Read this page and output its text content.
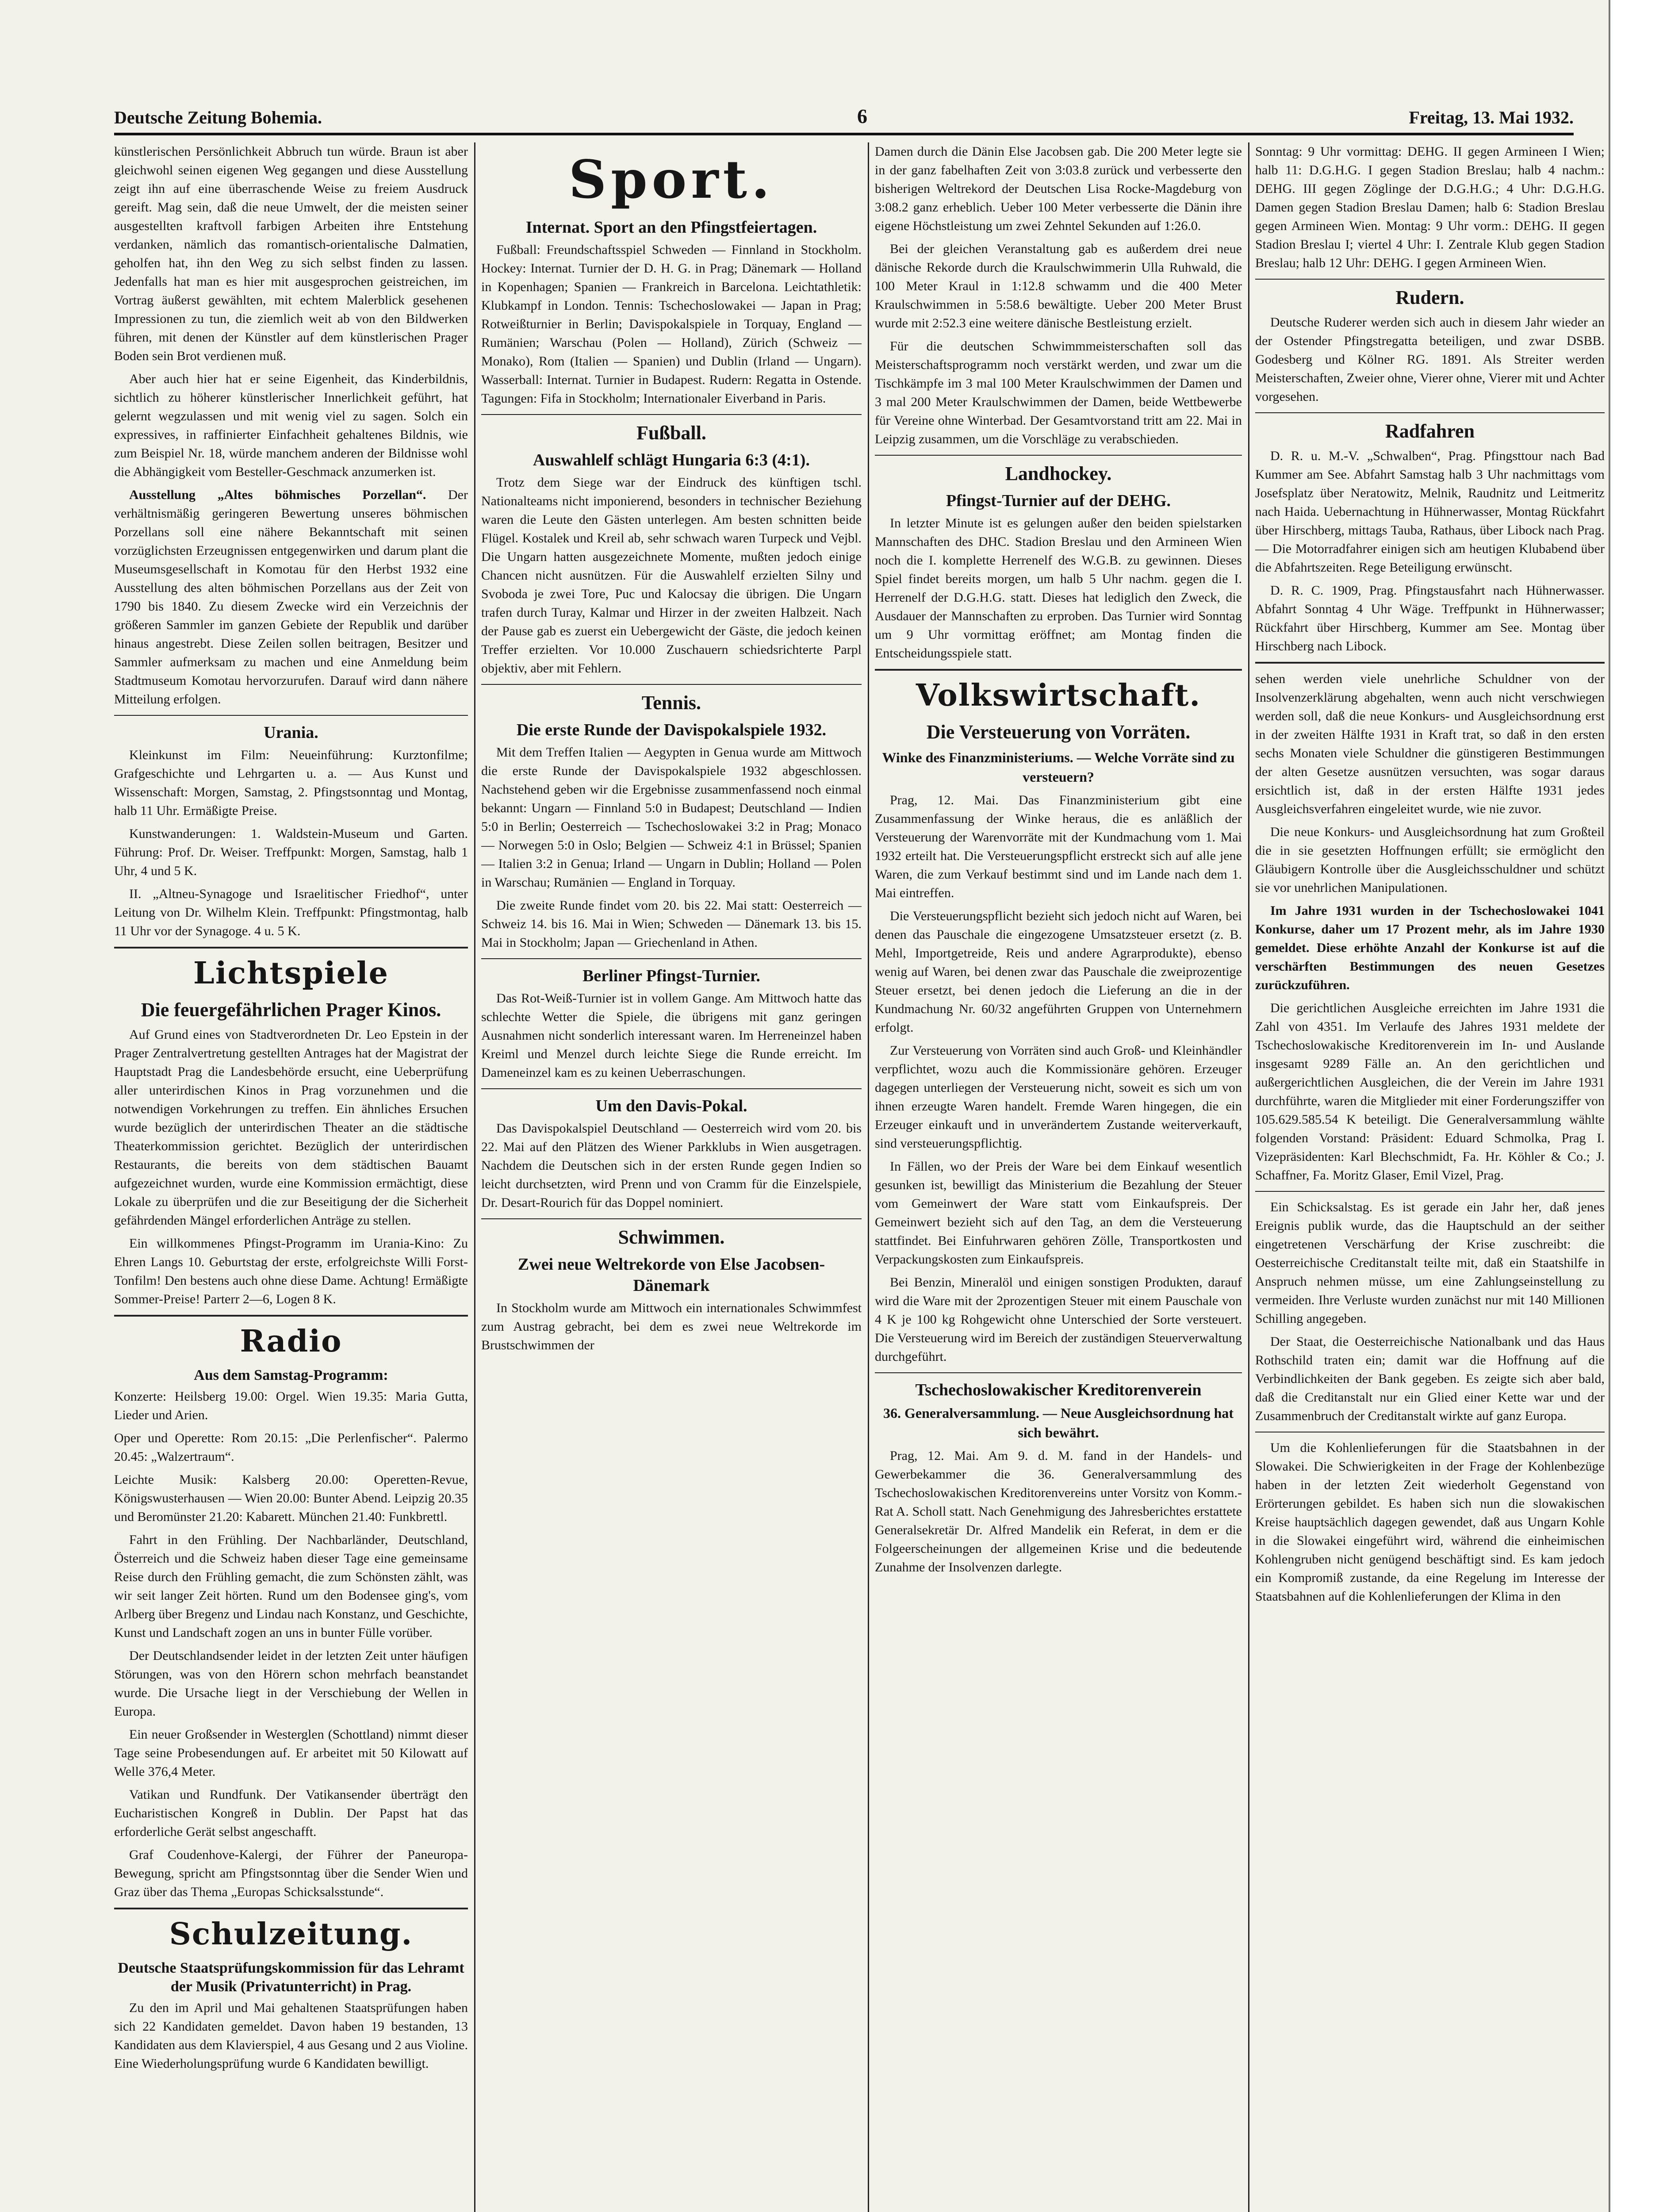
Deutsche Zeitung Bohemia.	6	Freitag, 13. Mai 1932.

künstlerischen Persönlichkeit Abbruch tun würde. Braun ist aber gleichwohl seinen eigenen Weg gegangen und diese Ausstellung zeigt ihn auf eine überraschende Weise zu freiem Ausdruck gereift. Mag sein, daß die neue Umwelt, der die meisten seiner ausgestellten kraftvoll farbigen Arbeiten ihre Entstehung verdanken, nämlich das romantisch-orientalische Dalmatien, geholfen hat, ihn den Weg zu sich selbst finden zu lassen. Jedenfalls hat man es hier mit ausgesprochen geistreichen, im Vortrag äußerst gewählten, mit echtem Malerblick gesehenen Impressionen zu tun, die ziemlich weit ab von den Bildwerken führen, mit denen der Künstler auf dem künstlerischen Prager Boden sein Brot verdienen muß.

Aber auch hier hat er seine Eigenheit, das Kinderbildnis, sichtlich zu höherer künstlerischer Innerlichkeit geführt, hat gelernt wegzulassen und mit wenig viel zu sagen. Solch ein expressives, in raffinierter Einfachheit gehaltenes Bildnis, wie zum Beispiel Nr. 18, würde manchem anderen der Bildnisse wohl die Abhängigkeit vom Besteller-Geschmack anzumerken ist.

Ausstellung „Altes böhmisches Porzellan“. Der verhältnismäßig geringeren Bewertung unseres böhmischen Porzellans soll eine nähere Bekanntschaft mit seinen vorzüglichsten Erzeugnissen entgegenwirken und darum plant die Museumsgesellschaft in Komotau für den Herbst 1932 eine Ausstellung des alten böhmischen Porzellans aus der Zeit von 1790 bis 1840. Zu diesem Zwecke wird ein Verzeichnis der größeren Sammler im ganzen Gebiete der Republik und darüber hinaus angestrebt. Diese Zeilen sollen beitragen, Besitzer und Sammler aufmerksam zu machen und eine Anmeldung beim Stadtmuseum Komotau hervorzurufen. Darauf wird dann nähere Mitteilung erfolgen.

Urania.

Kleinkunst im Film: Neueinführung: Kurztonfilme; Grafgeschichte und Lehrgarten u. a. — Aus Kunst und Wissenschaft: Morgen, Samstag, 2. Pfingstsonntag und Montag, halb 11 Uhr. Ermäßigte Preise.

Kunstwanderungen: 1. Waldstein-Museum und Garten. Führung: Prof. Dr. Weiser. Treffpunkt: Morgen, Samstag, halb 1 Uhr, 4 und 5 K.

II. „Altneu-Synagoge und Israelitischer Friedhof“, unter Leitung von Dr. Wilhelm Klein. Treffpunkt: Pfingstmontag, halb 11 Uhr vor der Synagoge. 4 u. 5 K.

Lichtspiele
Die feuergefährlichen Prager Kinos.

Auf Grund eines von Stadtverordneten Dr. Leo Epstein in der Prager Zentralvertretung gestellten Antrages hat der Magistrat der Hauptstadt Prag die Landesbehörde ersucht, eine Ueberprüfung aller unterirdischen Kinos in Prag vorzunehmen und die notwendigen Vorkehrungen zu treffen. Ein ähnliches Ersuchen wurde bezüglich der unterirdischen Theater an die städtische Theaterkommission gerichtet. Bezüglich der unterirdischen Restaurants, die bereits von dem städtischen Bauamt aufgezeichnet wurden, wurde eine Kommission ermächtigt, diese Lokale zu überprüfen und die zur Beseitigung der die Sicherheit gefährdenden Mängel erforderlichen Anträge zu stellen.

Ein willkommenes Pfingst-Programm im Urania-Kino: Zu Ehren Langs 10. Geburtstag der erste, erfolgreichste Willi Forst-Tonfilm! Den bestens auch ohne diese Dame. Achtung! Ermäßigte Sommer-Preise! Parterr 2—6, Logen 8 K.

Radio
Aus dem Samstag-Programm:

Konzerte: Heilsberg 19.00: Orgel. Wien 19.35: Maria Gutta, Lieder und Arien.

Oper und Operette: Rom 20.15: „Die Perlenfischer“. Palermo 20.45: „Walzertraum“.

Leichte Musik: Kalsberg 20.00: Operetten-Revue, Königswusterhausen — Wien 20.00: Bunter Abend. Leipzig 20.35 und Beromünster 21.20: Kabarett. München 21.40: Funkbrettl.

Fahrt in den Frühling. Der Nachbarländer, Deutschland, Österreich und die Schweiz haben dieser Tage eine gemeinsame Reise durch den Frühling gemacht, die zum Schönsten zählt, was wir seit langer Zeit hörten. Rund um den Bodensee ging's, vom Arlberg über Bregenz und Lindau nach Konstanz, und Geschichte, Kunst und Landschaft zogen an uns in bunter Fülle vorüber.

Der Deutschlandsender leidet in der letzten Zeit unter häufigen Störungen, was von den Hörern schon mehrfach beanstandet wurde. Die Ursache liegt in der Verschiebung der Wellen in Europa.

Ein neuer Großsender in Westerglen (Schottland) nimmt dieser Tage seine Probesendungen auf. Er arbeitet mit 50 Kilowatt auf Welle 376,4 Meter.

Vatikan und Rundfunk. Der Vatikansender überträgt den Eucharistischen Kongreß in Dublin. Der Papst hat das erforderliche Gerät selbst angeschafft.

Graf Coudenhove-Kalergi, der Führer der Paneuropa-Bewegung, spricht am Pfingstsonntag über die Sender Wien und Graz über das Thema „Europas Schicksalsstunde“.

Schulzeitung.
Deutsche Staatsprüfungskommission für das Lehramt der Musik (Privatunterricht) in Prag.

Zu den im April und Mai gehaltenen Staatsprüfungen haben sich 22 Kandidaten gemeldet. Davon haben 19 bestanden, 13 Kandidaten aus dem Klavierspiel, 4 aus Gesang und 2 aus Violine. Eine Wiederholungsprüfung wurde 6 Kandidaten bewilligt.

Sport.
Internat. Sport an den Pfingstfeiertagen.

Fußball: Freundschaftsspiel Schweden — Finnland in Stockholm. Hockey: Internat. Turnier der D. H. G. in Prag; Dänemark — Holland in Kopenhagen; Spanien — Frankreich in Barcelona. Leichtathletik: Klubkampf in London. Tennis: Tschechoslowakei — Japan in Prag; Rotweißturnier in Berlin; Davispokalspiele in Torquay, England — Rumänien; Warschau (Polen — Holland), Zürich (Schweiz — Monako), Rom (Italien — Spanien) und Dublin (Irland — Ungarn). Wasserball: Internat. Turnier in Budapest. Rudern: Regatta in Ostende. Tagungen: Fifa in Stockholm; Internationaler Eiverband in Paris.

Fußball.
Auswahlelf schlägt Hungaria 6:3 (4:1).

Trotz dem Siege war der Eindruck des künftigen tschl. Nationalteams nicht imponierend, besonders in technischer Beziehung waren die Leute den Gästen unterlegen. Am besten schnitten beide Flügel. Kostalek und Kreil ab, sehr schwach waren Turpeck und Vejbl. Die Ungarn hatten ausgezeichnete Momente, mußten jedoch einige Chancen nicht ausnützen. Für die Auswahlelf erzielten Silny und Svoboda je zwei Tore, Puc und Kalocsay die übrigen. Die Ungarn trafen durch Turay, Kalmar und Hirzer in der zweiten Halbzeit. Nach der Pause gab es zuerst ein Uebergewicht der Gäste, die jedoch keinen Treffer erzielten. Vor 10.000 Zuschauern schiedsrichterte Parpl objektiv, aber mit Fehlern.

Tennis.
Die erste Runde der Davispokalspiele 1932.

Mit dem Treffen Italien — Aegypten in Genua wurde am Mittwoch die erste Runde der Davispokalspiele 1932 abgeschlossen. Nachstehend geben wir die Ergebnisse zusammenfassend noch einmal bekannt: Ungarn — Finnland 5:0 in Budapest; Deutschland — Indien 5:0 in Berlin; Oesterreich — Tschechoslowakei 3:2 in Prag; Monaco — Norwegen 5:0 in Oslo; Belgien — Schweiz 4:1 in Brüssel; Spanien — Italien 3:2 in Genua; Irland — Ungarn in Dublin; Holland — Polen in Warschau; Rumänien — England in Torquay.

Die zweite Runde findet vom 20. bis 22. Mai statt: Oesterreich — Schweiz 14. bis 16. Mai in Wien; Schweden — Dänemark 13. bis 15. Mai in Stockholm; Japan — Griechenland in Athen.

Berliner Pfingst-Turnier.

Das Rot-Weiß-Turnier ist in vollem Gange. Am Mittwoch hatte das schlechte Wetter die Spiele, die übrigens mit ganz geringen Ausnahmen nicht sonderlich interessant waren. Im Herreneinzel haben Kreiml und Menzel durch leichte Siege die Runde erreicht. Im Dameneinzel kam es zu keinen Ueberraschungen.

Um den Davis-Pokal.

Das Davispokalspiel Deutschland — Oesterreich wird vom 20. bis 22. Mai auf den Plätzen des Wiener Parkklubs in Wien ausgetragen. Nachdem die Deutschen sich in der ersten Runde gegen Indien so leicht durchsetzten, wird Prenn und von Cramm für die Einzelspiele, Dr. Desart-Rourich für das Doppel nominiert.

Schwimmen.
Zwei neue Weltrekorde von Else Jacobsen-Dänemark

In Stockholm wurde am Mittwoch ein internationales Schwimmfest zum Austrag gebracht, bei dem es zwei neue Weltrekorde im Brustschwimmen der

Damen durch die Dänin Else Jacobsen gab. Die 200 Meter legte sie in der ganz fabelhaften Zeit von 3:03.8 zurück und verbesserte den bisherigen Weltrekord der Deutschen Lisa Rocke-Magdeburg von 3:08.2 ganz erheblich. Ueber 100 Meter verbesserte die Dänin ihre eigene Höchstleistung um zwei Zehntel Sekunden auf 1:26.0.

Bei der gleichen Veranstaltung gab es außerdem drei neue dänische Rekorde durch die Kraulschwimmerin Ulla Ruhwald, die 100 Meter Kraul in 1:12.8 schwamm und die 400 Meter Kraulschwimmen in 5:58.6 bewältigte. Ueber 200 Meter Brust wurde mit 2:52.3 eine weitere dänische Bestleistung erzielt.

Für die deutschen Schwimmmeisterschaften soll das Meisterschaftsprogramm noch verstärkt werden, und zwar um die Tischkämpfe im 3 mal 100 Meter Kraulschwimmen der Damen und 3 mal 200 Meter Kraulschwimmen der Damen, beide Wettbewerbe für Vereine ohne Winterbad. Der Gesamtvorstand tritt am 22. Mai in Leipzig zusammen, um die Vorschläge zu verabschieden.

Landhockey.
Pfingst-Turnier auf der DEHG.

In letzter Minute ist es gelungen außer den beiden spielstarken Mannschaften des DHC. Stadion Breslau und den Armineen Wien noch die I. komplette Herrenelf des W.G.B. zu gewinnen. Dieses Spiel findet bereits morgen, um halb 5 Uhr nachm. gegen die I. Herrenelf der D.G.H.G. statt. Dieses hat lediglich den Zweck, die Ausdauer der Mannschaften zu erproben. Das Turnier wird Sonntag um 9 Uhr vormittag eröffnet; am Montag finden die Entscheidungsspiele statt.

Volkswirtschaft.
Die Versteuerung von Vorräten.
Winke des Finanzministeriums. — Welche Vorräte sind zu versteuern?

Prag, 12. Mai. Das Finanzministerium gibt eine Zusammenfassung der Winke heraus, die es anläßlich der Versteuerung der Warenvorräte mit der Kundmachung vom 1. Mai 1932 erteilt hat. Die Versteuerungspflicht erstreckt sich auf alle jene Waren, die zum Verkauf bestimmt sind und im Lande nach dem 1. Mai eintreffen.

Die Versteuerungspflicht bezieht sich jedoch nicht auf Waren, bei denen das Pauschale die eingezogene Umsatzsteuer ersetzt (z. B. Mehl, Importgetreide, Reis und andere Agrarprodukte), ebenso wenig auf Waren, bei denen zwar das Pauschale die zweiprozentige Steuer ersetzt, bei denen jedoch die Lieferung an die in der Kundmachung Nr. 60/32 angeführten Gruppen von Unternehmern erfolgt.

Zur Versteuerung von Vorräten sind auch Groß- und Kleinhändler verpflichtet, wozu auch die Kommissionäre gehören. Erzeuger dagegen unterliegen der Versteuerung nicht, soweit es sich um von ihnen erzeugte Waren handelt. Fremde Waren hingegen, die ein Erzeuger einkauft und in unverändertem Zustande weiterverkauft, sind versteuerungspflichtig.

In Fällen, wo der Preis der Ware bei dem Einkauf wesentlich gesunken ist, bewilligt das Ministerium die Bezahlung der Steuer vom Gemeinwert der Ware statt vom Einkaufspreis. Der Gemeinwert bezieht sich auf den Tag, an dem die Versteuerung stattfindet. Bei Einfuhrwaren gehören Zölle, Transportkosten und Verpackungskosten zum Einkaufspreis.

Bei Benzin, Mineralöl und einigen sonstigen Produkten, darauf wird die Ware mit der 2prozentigen Steuer mit einem Pauschale von 4 K je 100 kg Rohgewicht ohne Unterschied der Sorte versteuert. Die Versteuerung wird im Bereich der zuständigen Steuerverwaltung durchgeführt.

Tschechoslowakischer Kreditorenverein
36. Generalversammlung. — Neue Ausgleichsordnung hat sich bewährt.

Prag, 12. Mai. Am 9. d. M. fand in der Handels- und Gewerbekammer die 36. Generalversammlung des Tschechoslowakischen Kreditorenvereins unter Vorsitz von Komm.-Rat A. Scholl statt. Nach Genehmigung des Jahresberichtes erstattete Generalsekretär Dr. Alfred Mandelik ein Referat, in dem er die Folgeerscheinungen der allgemeinen Krise und die bedeutende Zunahme der Insolvenzen darlegte.

Sonntag: 9 Uhr vormittag: DEHG. II gegen Armineen I Wien; halb 11: D.G.H.G. I gegen Stadion Breslau; halb 4 nachm.: DEHG. III gegen Zöglinge der D.G.H.G.; 4 Uhr: D.G.H.G. Damen gegen Stadion Breslau Damen; halb 6: Stadion Breslau gegen Armineen Wien. Montag: 9 Uhr vorm.: DEHG. II gegen Stadion Breslau I; viertel 4 Uhr: I. Zentrale Klub gegen Stadion Breslau; halb 12 Uhr: DEHG. I gegen Armineen Wien.

Rudern.

Deutsche Ruderer werden sich auch in diesem Jahr wieder an der Ostender Pfingstregatta beteiligen, und zwar DSBB. Godesberg und Kölner RG. 1891. Als Streiter werden Meisterschaften, Zweier ohne, Vierer ohne, Vierer mit und Achter vorgesehen.

Radfahren

D. R. u. M.-V. „Schwalben“, Prag. Pfingsttour nach Bad Kummer am See. Abfahrt Samstag halb 3 Uhr nachmittags vom Josefsplatz über Neratowitz, Melnik, Raudnitz und Leitmeritz nach Haida. Uebernachtung in Hühnerwasser, Montag Rückfahrt über Hirschberg, mittags Tauba, Rathaus, über Libock nach Prag. — Die Motorradfahrer einigen sich am heutigen Klubabend über die Abfahrtszeiten. Rege Beteiligung erwünscht.

D. R. C. 1909, Prag. Pfingstausfahrt nach Hühnerwasser. Abfahrt Sonntag 4 Uhr Wäge. Treffpunkt in Hühnerwasser; Rückfahrt über Hirschberg, Kummer am See. Montag über Hirschberg nach Libock.

sehen werden viele unehrliche Schuldner von der Insolvenzerklärung abgehalten, wenn auch nicht verschwiegen werden soll, daß die neue Konkurs- und Ausgleichsordnung erst in der zweiten Hälfte 1931 in Kraft trat, so daß in den ersten sechs Monaten viele Schuldner die günstigeren Bestimmungen der alten Gesetze ausnützen versuchten, was sogar daraus ersichtlich ist, daß in der ersten Hälfte 1931 jedes Ausgleichsverfahren eingeleitet wurde, wie nie zuvor.

Die neue Konkurs- und Ausgleichsordnung hat zum Großteil die in sie gesetzten Hoffnungen erfüllt; sie ermöglicht den Gläubigern Kontrolle über die Ausgleichsschuldner und schützt sie vor unehrlichen Manipulationen.

Im Jahre 1931 wurden in der Tschechoslowakei 1041 Konkurse, daher um 17 Prozent mehr, als im Jahre 1930 gemeldet. Diese erhöhte Anzahl der Konkurse ist auf die verschärften Bestimmungen des neuen Gesetzes zurückzuführen.

Die gerichtlichen Ausgleiche erreichten im Jahre 1931 die Zahl von 4351. Im Verlaufe des Jahres 1931 meldete der Tschechoslowakische Kreditorenverein im In- und Auslande insgesamt 9289 Fälle an. An den gerichtlichen und außergerichtlichen Ausgleichen, die der Verein im Jahre 1931 durchführte, waren die Mitglieder mit einer Forderungsziffer von 105.629.585.54 K beteiligt. Die Generalversammlung wählte folgenden Vorstand: Präsident: Eduard Schmolka, Prag I. Vizepräsidenten: Karl Blechschmidt, Fa. Hr. Köhler & Co.; J. Schaffner, Fa. Moritz Glaser, Emil Vizel, Prag.

Ein Schicksalstag. Es ist gerade ein Jahr her, daß jenes Ereignis publik wurde, das die Hauptschuld an der seither eingetretenen Verschärfung der Krise zuschreibt: die Oesterreichische Creditanstalt teilte mit, daß ein Staatshilfe in Anspruch nehmen müsse, um eine Zahlungseinstellung zu vermeiden. Ihre Verluste wurden zunächst nur mit 140 Millionen Schilling angegeben.

Der Staat, die Oesterreichische Nationalbank und das Haus Rothschild traten ein; damit war die Hoffnung auf die Verbindlichkeiten der Bank gegeben. Es zeigte sich aber bald, daß die Creditanstalt nur ein Glied einer Kette war und der Zusammenbruch der Creditanstalt wirkte auf ganz Europa.

Um die Kohlenlieferungen für die Staatsbahnen in der Slowakei. Die Schwierigkeiten in der Frage der Kohlenbezüge haben in der letzten Zeit wiederholt Gegenstand von Erörterungen gebildet. Es haben sich nun die slowakischen Kreise hauptsächlich dagegen gewendet, daß aus Ungarn Kohle in die Slowakei eingeführt wird, während die einheimischen Kohlengruben nicht genügend beschäftigt sind. Es kam jedoch ein Kompromiß zustande, da eine Regelung im Interesse der Staatsbahnen auf die Kohlenlieferungen der Klima in den
